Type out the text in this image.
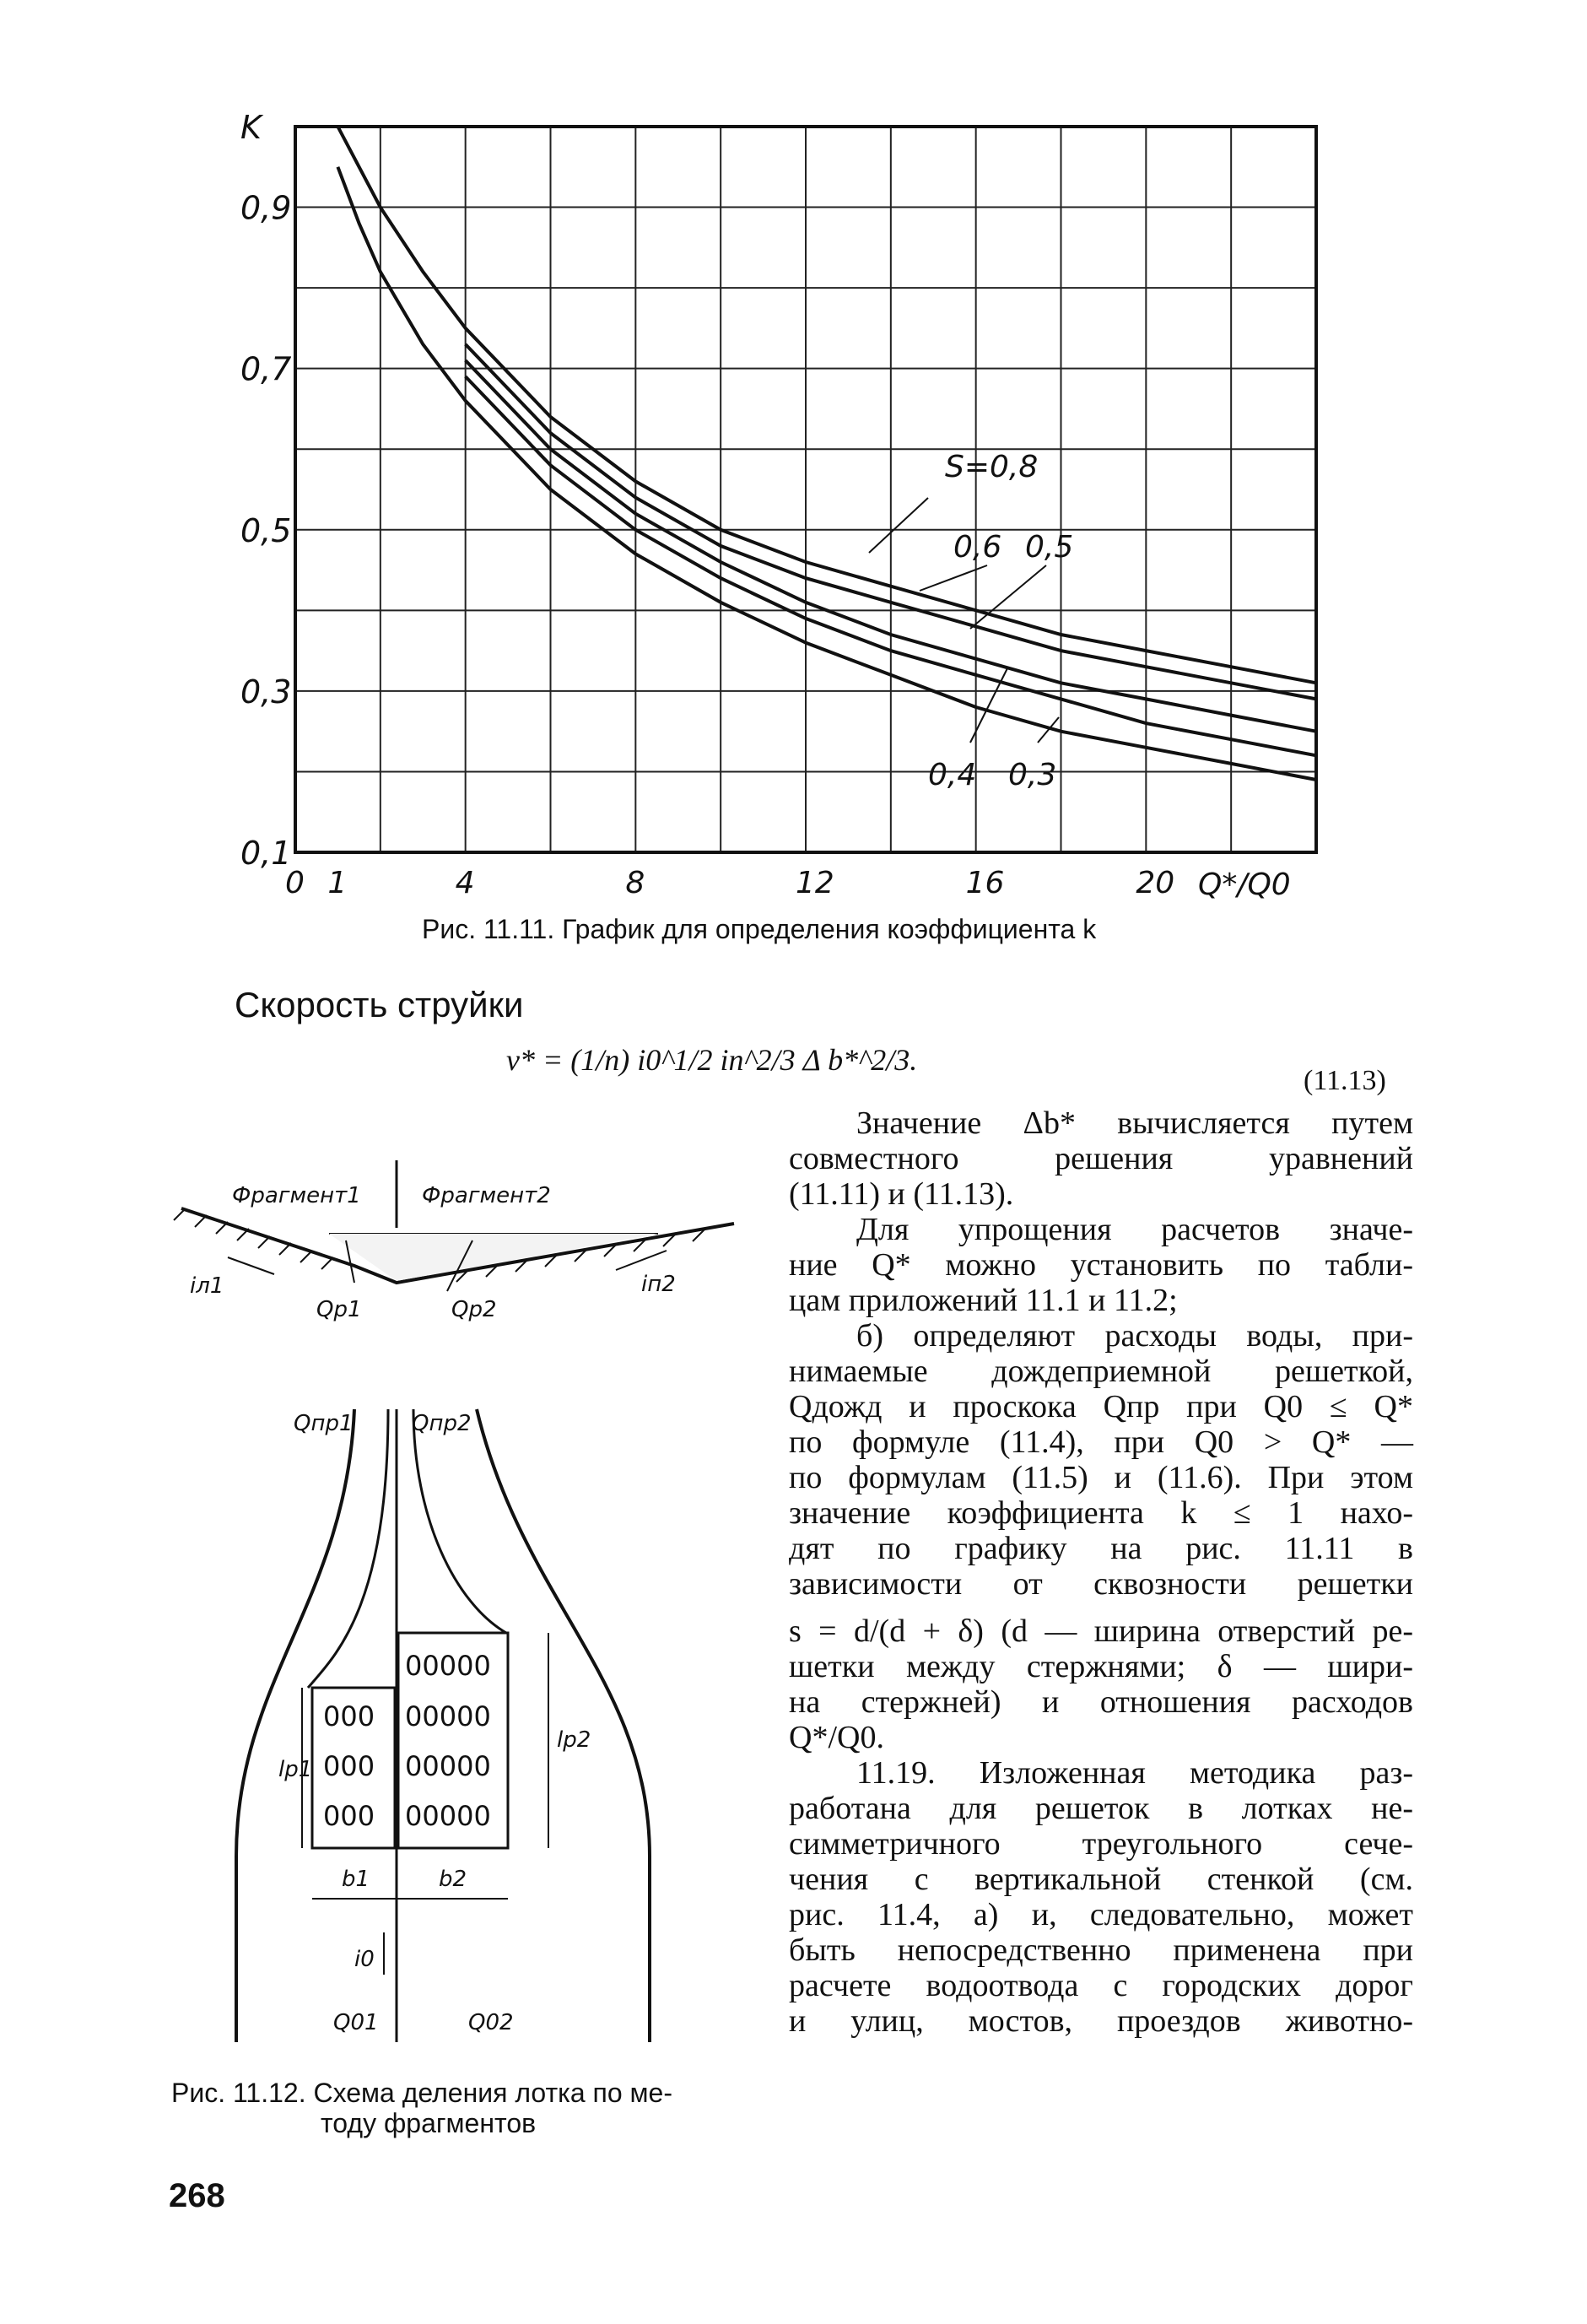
0 1	4	8	12	16	20 Q*/Q0
0,1
0,3
0,5
0,7
0,9
K
S=0,8
0,6 0,5
0,4 0,3
Рис. 11.11. График для определения коэффициента k
Скорость струйки
v* = (1/n) i0^1/2 iп^2/3 Δ b*^2/3.
(11.13)
Фрагмент1	Фрагмент2
iл1	iп2
Qp1	Qp2
Qпр1	Qпр2
000
000
000
00000
00000
00000
00000
lp1
lp2
b1	b2
i0
Q01	Q02
Рис. 11.12. Схема деления лотка по ме-
тоду фрагментов
268

Значение Δb* вычисляется путем

совместного решения уравнений

(11.11) и (11.13).

Для упрощения расчетов значе-

ние Q* можно установить по табли-

цам приложений 11.1 и 11.2;

б) определяют расходы воды, при-

нимаемые дождеприемной решеткой,

Qдожд и проскока Qпр при Q0 ≤ Q*

по формуле (11.4), при Q0 > Q* —

по формулам (11.5) и (11.6). При этом

значение коэффициента k ≤ 1 нахо-

дят по графику на рис. 11.11 в

зависимости от сквозности решетки

s = d/(d + δ) (d — ширина отверстий ре-

шетки между стержнями; δ — шири-

на стержней) и отношения расходов

Q*/Q0.

11.19. Изложенная методика раз-

работана для решеток в лотках не-

симметричного треугольного сече-

чения с вертикальной стенкой (см.

рис. 11.4, а) и, следовательно, может

быть непосредственно применена при

расчете водоотвода с городских дорог

и улиц, мостов, проездов животно-
